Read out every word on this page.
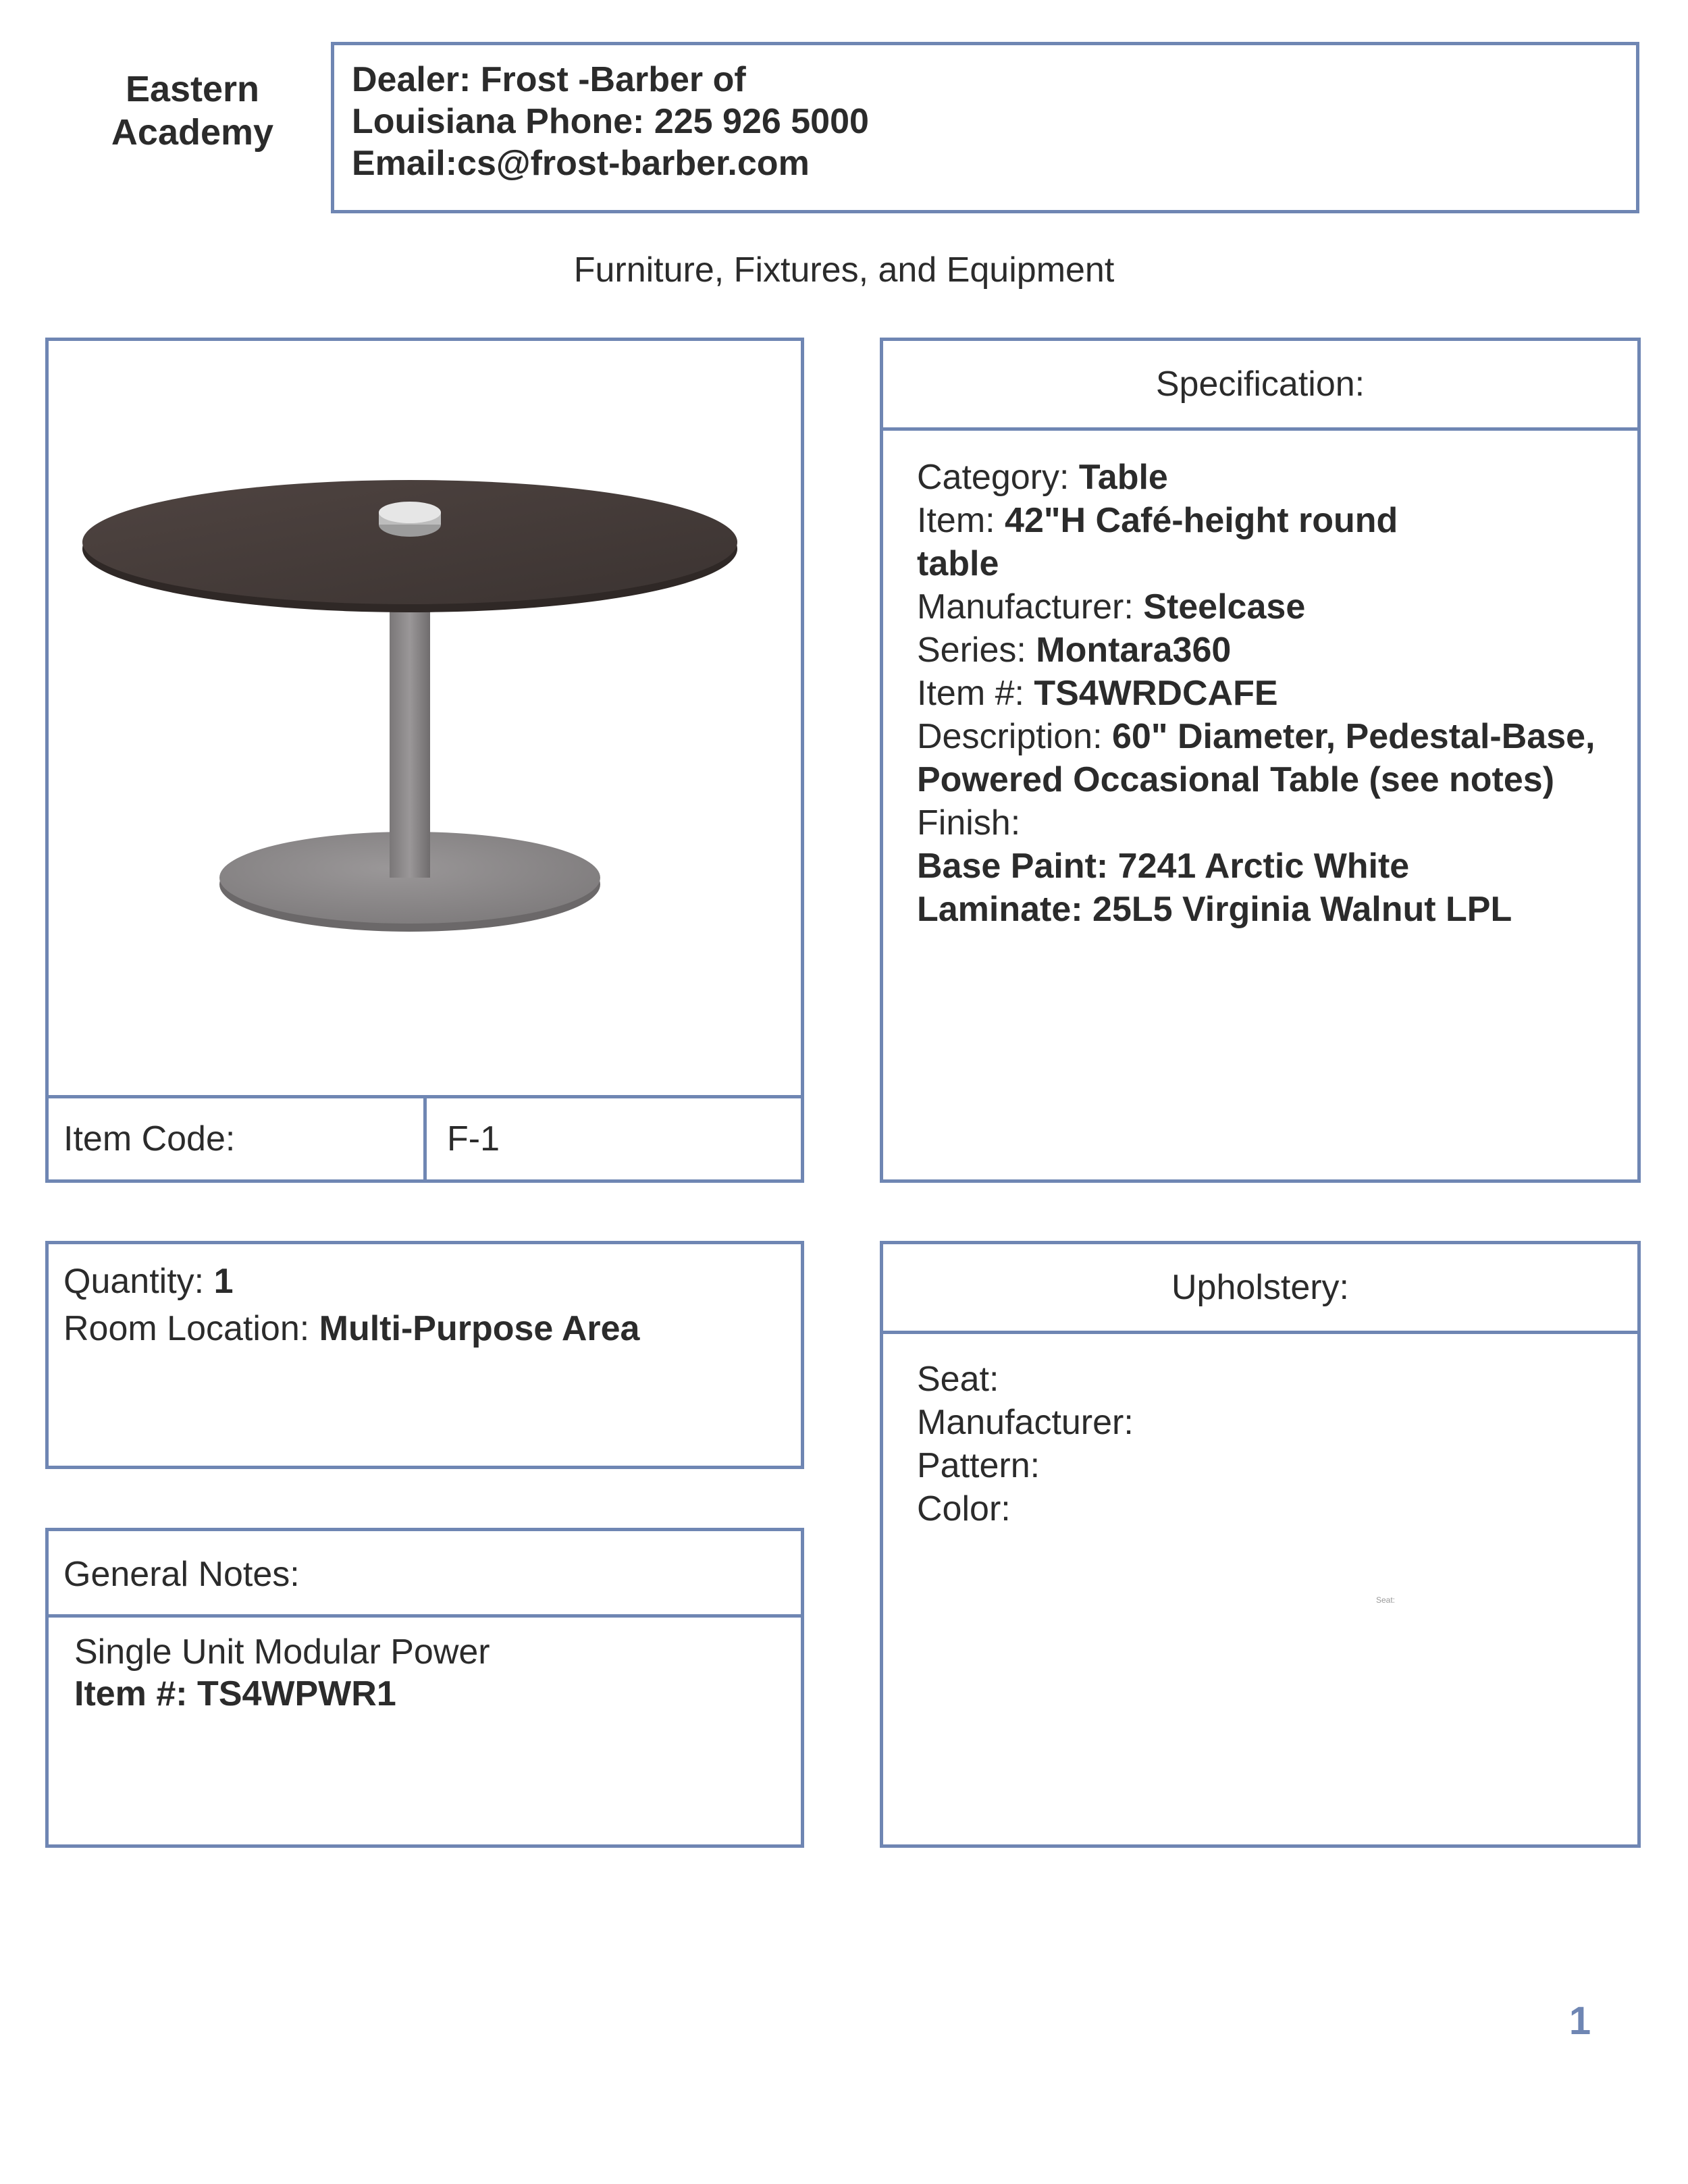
Eastern Academy
Dealer: Frost -Barber of
Louisiana Phone: 225 926 5000
Email:cs@frost-barber.com
Furniture, Fixtures, and Equipment
Item Code:	F-1
Specification:
Category: Table
Item: 42"H Café-height round table
Manufacturer: Steelcase
Series: Montara360
Item #: TS4WRDCAFE
Description: 60" Diameter, Pedestal-Base, Powered Occasional Table (see notes)
Finish:
Base Paint: 7241 Arctic White
Laminate: 25L5 Virginia Walnut LPL
Quantity: 1
Room Location: Multi-Purpose Area
General Notes:
Single Unit Modular Power
Item #: TS4WPWR1
Upholstery:
Seat:
Manufacturer:
Pattern:
Color:
Seat:
1
